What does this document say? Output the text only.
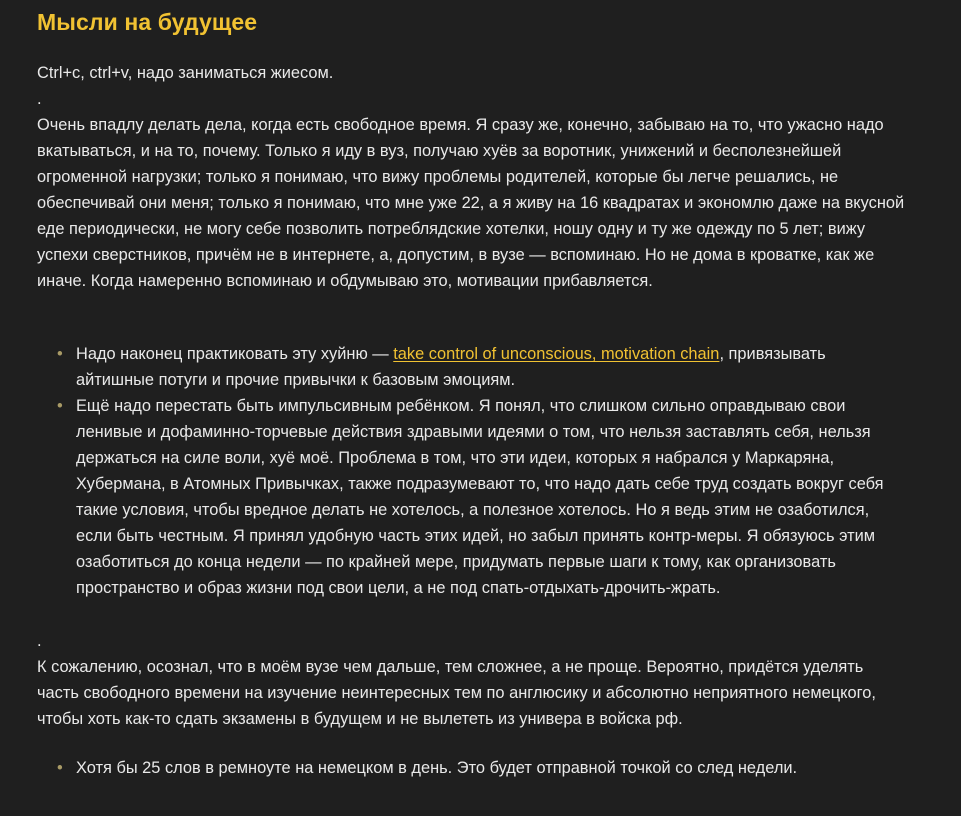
Мысли на будущее

Ctrl+c, ctrl+v, надо заниматься жиесом.

.

Очень впадлу делать дела, когда есть свободное время. Я сразу же, конечно, забываю на то, что ужасно надо вкатываться, и на то, почему. Только я иду в вуз, получаю хуёв за воротник, унижений и бесполезнейшей огроменной нагрузки; только я понимаю, что вижу проблемы родителей, которые бы легче решались, не обеспечивай они меня; только я понимаю, что мне уже 22, а я живу на 16 квадратах и экономлю даже на вкусной еде периодически, не могу себе позволить потреблядские хотелки, ношу одну и ту же одежду по 5 лет; вижу успехи сверстников, причём не в интернете, а, допустим, в вузе — вспоминаю. Но не дома в кроватке, как же иначе. Когда намеренно вспоминаю и обдумываю это, мотивации прибавляется.

• Надо наконец практиковать эту хуйню — take control of unconscious, motivation chain, привязывать айтишные потуги и прочие привычки к базовым эмоциям.
• Ещё надо перестать быть импульсивным ребёнком. Я понял, что слишком сильно оправдываю свои ленивые и дофаминно-торчевые действия здравыми идеями о том, что нельзя заставлять себя, нельзя держаться на силе воли, хуё моё. Проблема в том, что эти идеи, которых я набрался у Маркаряна, Хубермана, в Атомных Привычках, также подразумевают то, что надо дать себе труд создать вокруг себя такие условия, чтобы вредное делать не хотелось, а полезное хотелось. Но я ведь этим не озаботился, если быть честным. Я принял удобную часть этих идей, но забыл принять контр-меры. Я обязуюсь этим озаботиться до конца недели — по крайней мере, придумать первые шаги к тому, как организовать пространство и образ жизни под свои цели, а не под спать-отдыхать-дрочить-жрать.

.

К сожалению, осознал, что в моём вузе чем дальше, тем сложнее, а не проще. Вероятно, придётся уделять часть свободного времени на изучение неинтересных тем по англюсику и абсолютно неприятного немецкого, чтобы хоть как-то сдать экзамены в будущем и не вылететь из универа в войска рф.

• Хотя бы 25 слов в ремноуте на немецком в день. Это будет отправной точкой со след недели.
